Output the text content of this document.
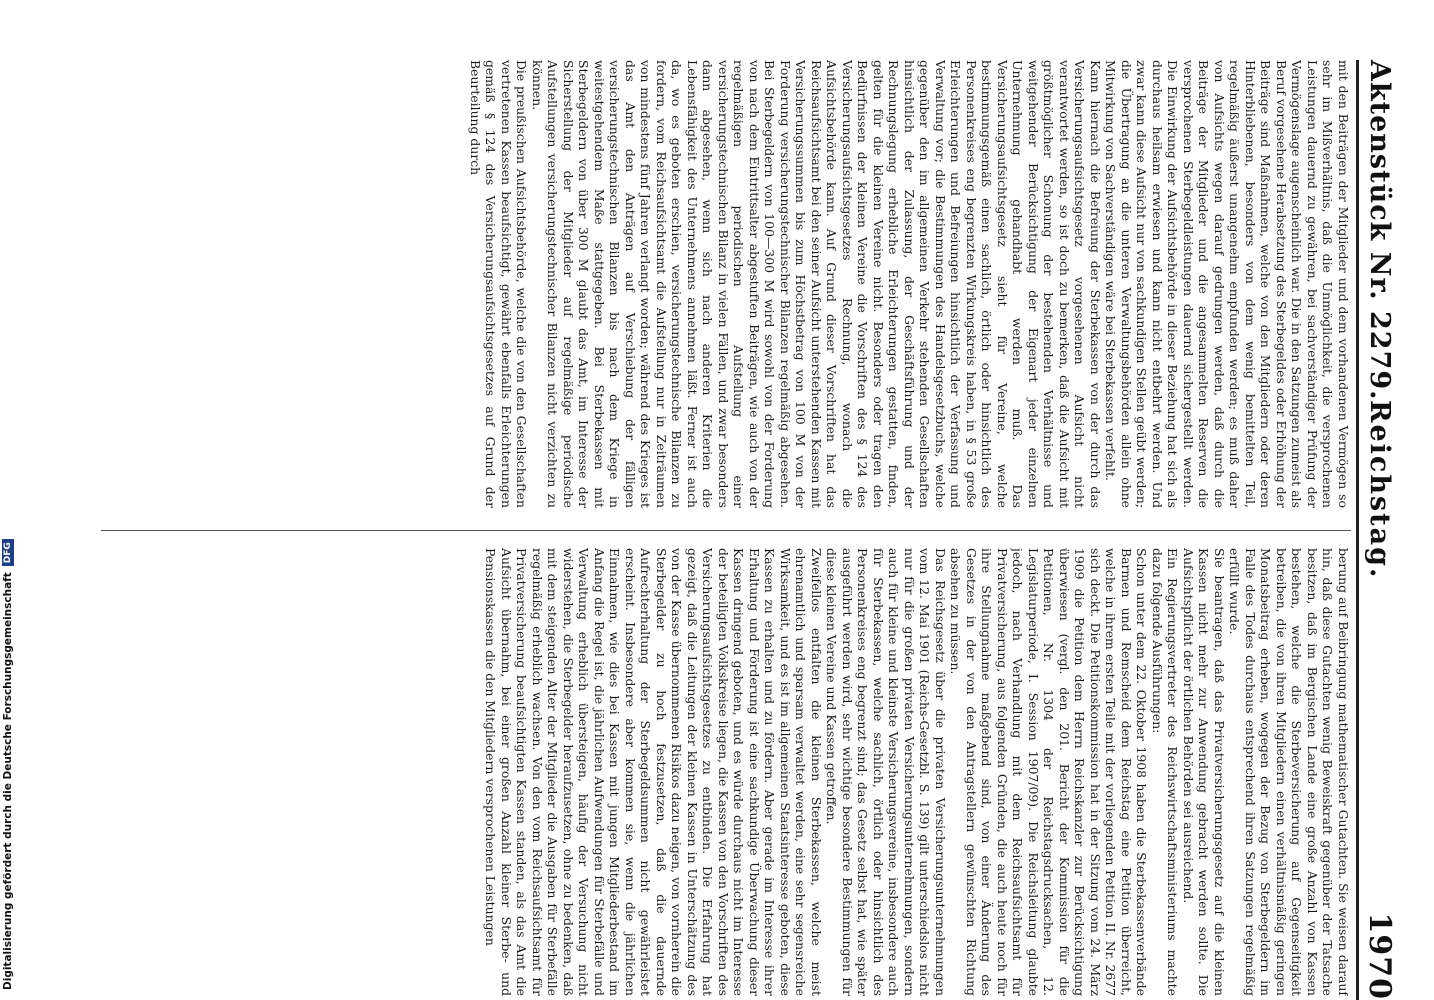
1970
Reichstag.
Aktenstück Nr. 2279.

berung auf Beibringung mathematischer Gutachten. Sie weisen darauf hin, daß diese Gutachten wenig Beweiskraft gegenüber der Tatsache besitzen, daß im Bergischen Lande eine große Anzahl von Kassen bestehen, welche die Sterbeversicherung auf Gegenseitigkeit betreiben, die von ihren Mitgliedern einen verhältnismäßig geringen Monatsbeitrag erheben, wogegen der Bezug von Sterbegeldern im Falle des Todes durchaus entsprechend ihren Satzungen regelmäßig erfüllt wurde.

Sie beantragen, daß das Privatversicherungsgesetz auf die kleinen Kassen nicht mehr zur Anwendung gebracht werden sollte. Die Aufsichtspflicht der örtlichen Behörden sei ausreichend.

Ein Regierungsvertreter des Reichswirtschaftsministeriums machte dazu folgende Ausführungen:

Schon unter dem 22. Oktober 1908 haben die Sterbekassenverbände Barmen und Remscheid dem Reichstag eine Petition überreicht, welche in ihrem ersten Teile mit der vorliegenden Petition II. Nr. 2677 sich deckt. Die Petitionskommission hat in der Sitzung vom 24. März 1909 die Petition dem Herrn Reichskanzler zur Berücksichtigung überwiesen (vergl. den 201. Bericht der Kommission für die Petitionen, Nr. 1304 der Reichstagsdrucksachen, 12. Legislaturperiode, I. Session 1907/09). Die Reichsleitung glaubte jedoch, nach Verhandlung mit dem Reichsaufsichtsamt für Privatversicherung, aus folgenden Gründen, die auch heute noch für ihre Stellungnahme maßgebend sind, von einer Änderung des Gesetzes in der von den Antragstellern gewünschten Richtung absehen zu müssen.

Das Reichsgesetz über die privaten Versicherungsunternehmungen vom 12. Mai 1901 (Reichs-Gesetzbl. S. 139) gilt unterschiedslos nicht nur für die großen privaten Versicherungsunternehmungen, sondern auch für kleine und kleinste Versicherungsvereine, insbesondere auch für Sterbekassen, welche sachlich, örtlich oder hinsichtlich des Personenkreises eng begrenzt sind; das Gesetz selbst hat, wie später ausgeführt werden wird, sehr wichtige besondere Bestimmungen für diese kleinen Vereine und Kassen getroffen.

Zweifellos entfalten die kleinen Sterbekassen, welche meist ehrenamtlich und sparsam verwaltet werden, eine sehr segensreiche Wirksamkeit, und es ist im allgemeinen Staatsinteresse geboten, diese Kassen zu erhalten und zu fördern. Aber gerade im Interesse ihrer Erhaltung und Förderung ist eine sachkundige Überwachung dieser Kassen dringend geboten, und es würde durchaus nicht im Interesse der beteiligten Volkskreise liegen, die Kassen von den Vorschriften des Versicherungsaufsichtsgesetzes zu entbinden. Die Erfahrung hat gezeigt, daß die Leitungen der kleinen Kassen in Unterschätzung des von der Kasse übernommenen Risikos dazu neigen, von vornherein die Sterbegelder zu hoch festzusetzen, daß die dauernde Aufrechterhaltung der Sterbegeldsummen nicht gewährleistet erscheint. Insbesondere aber kommen sie, wenn die jährlichen Einnahmen, wie dies bei Kassen mit jungen Mitgliederbestand im Anfang die Regel ist, die jährlichen Aufwendungen für Sterbefälle und Verwaltung erheblich übersteigen, häufig der Versuchung nicht widerstehen, die Sterbegelder heraufzusetzen, ohne zu bedenken, daß mit dem steigenden Alter der Mitglieder die Ausgaben für Sterbefälle regelmäßig erheblich wachsen. Von den vom Reichsaufsichtsamt für Privatversicherung beaufsichtigten Kassen standen, als das Amt die Aufsicht übernahm, bei einer großen Anzahl kleiner Sterbe- und Pensionskassen die den Mitgliedern versprochenen Leistungen

mit den Beiträgen der Mitglieder und dem vorhandenen Vermögen so sehr im Mißverhältnis, daß die Unmöglichkeit, die versprochenen Leistungen dauernd zu gewähren, bei sachverständiger Prüfung der Vermögenslage augenscheinlich war. Die in den Satzungen zumeist als Beruf vorgesehene Herabsetzung des Sterbegeldes oder Erhöhung der Beiträge sind Maßnahmen, welche von den Mitgliedern oder deren Hinterbliebenen, besonders von dem wenig bemittelten Teil, regelmäßig äußerst unangenehm empfunden werden; es muß daher von Aufsichts wegen darauf gedrungen werden, daß durch die Beiträge der Mitglieder und die angesammelten Reserven die versprochenen Sterbegeldleistungen dauernd sichergestellt werden. Die Einwirkung der Aufsichtsbehörde in dieser Beziehung hat sich als durchaus heilsam erwiesen und kann nicht entbehrt werden. Und zwar kann diese Aufsicht nur von sachkundigen Stellen geübt werden; die Übertragung an die unteren Verwaltungsbehörden allein ohne Mitwirkung von Sachverständigen wäre bei Sterbekassen verfehlt.

Kann hiernach die Befreiung der Sterbekassen von der durch das Versicherungsaufsichtsgesetz vorgesehenen Aufsicht nicht verantwortet werden, so ist doch zu bemerken, daß die Aufsicht mit größtmöglicher Schonung der bestehenden Verhältnisse und weitgehender Berücksichtigung der Eigenart jeder einzelnen Unternehmung gehandhabt werden muß. Das Versicherungsaufsichtsgesetz sieht für Vereine, welche bestimmungsgemäß einen sachlich, örtlich oder hinsichtlich des Personenkreises eng begrenzten Wirkungskreis haben, in § 53 große Erleichterungen und Befreiungen hinsichtlich der Verfassung und Verwaltung vor; die Bestimmungen des Handelsgesetzbuchs, welche gegenüber den im allgemeinen Verkehr stehenden Gesellschaften hinsichtlich der Zulassung, der Geschäftsführung und der Rechnungslegung erhebliche Erleichterungen gestatten, finden, gelten für die kleinen Vereine nicht. Besonders oder tragen den Bedürfnissen der kleinen Vereine die Vorschriften des § 124 des Versicherungsaufsichtsgesetzes Rechnung, wonach die Aufsichtsbehörde kann. Auf Grund dieser Vorschriften hat das Reichsaufsichtsamt bei den seiner Aufsicht unterstehenden Kassen mit Versicherungssummen bis zum Höchstbetrag von 100 M von der Forderung versicherungstechnischer Bilanzen regelmäßig abgesehen. Bei Sterbegeldern von 100—300 M wird sowohl von der Forderung von nach dem Eintrittsalter abgestuften Beiträgen, wie auch von der regelmäßigen periodischen Aufstellung einer versicherungstechnischen Bilanz in vielen Fällen, und zwar besonders dann abgesehen, wenn sich nach anderen Kriterien die Lebensfähigkeit des Unternehmens annehmen läßt. Ferner ist auch da, wo es geboten erschien, versicherungstechnische Bilanzen zu fordern, vom Reichsaufsichtsamt die Aufstellung nur in Zeiträumen von mindestens fünf Jahren verlangt worden; während des Krieges ist das Amt den Anträgen auf Verschiebung der fälligen versicherungstechnischen Bilanzen bis nach dem Kriege in weitestgehendem Maße stattgegeben. Bei Sterbekassen mit Sterbegeldern von über 300 M glaubt das Amt, im Interesse der Sicherstellung der Mitglieder auf regelmäßige periodische Aufstellungen versicherungstechnischer Bilanzen nicht verzichten zu können.

Die preußischen Aufsichtsbehörde, welche die von den Gesellschaften vertretenen Kassen beaufsichtigt, gewährt ebenfalls Erleichterungen gemäß § 124 des Versicherungsaufsichtsgesetzes auf Grund der Beurteilung durch

Digitalisierung gefördert durch die Deutsche Forschungsgemeinschaft
DFG
